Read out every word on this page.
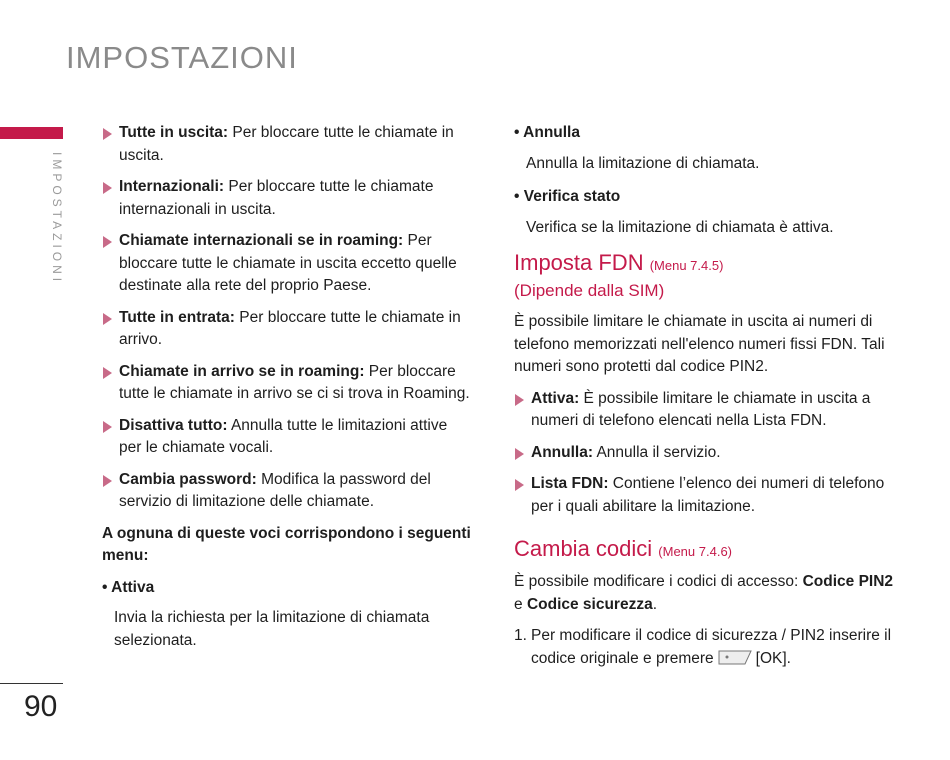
IMPOSTAZIONI
IMPOSTAZIONI
90
Tutte in uscita: Per bloccare tutte le chiamate in uscita.
Internazionali: Per bloccare tutte le chiamate internazionali in uscita.
Chiamate internazionali se in roaming: Per bloccare tutte le chiamate in uscita eccetto quelle destinate alla rete del proprio Paese.
Tutte in entrata: Per bloccare tutte le chiamate in arrivo.
Chiamate in arrivo se in roaming: Per bloccare tutte le chiamate in arrivo se ci si trova in Roaming.
Disattiva tutto: Annulla tutte le limitazioni attive per le chiamate vocali.
Cambia password: Modifica la password del servizio di limitazione delle chiamate.
A ognuna di queste voci corrispondono i seguenti menu:
• Attiva
Invia la richiesta per la limitazione di chiamata selezionata.
• Annulla
Annulla la limitazione di chiamata.
• Verifica stato
Verifica se la limitazione di chiamata è attiva.
Imposta FDN (Menu 7.4.5)
(Dipende dalla SIM)
È possibile limitare le chiamate in uscita ai numeri di telefono memorizzati nell'elenco numeri fissi FDN. Tali numeri sono protetti dal codice PIN2.
Attiva: È possibile limitare le chiamate in uscita a numeri di telefono elencati nella Lista FDN.
Annulla: Annulla il servizio.
Lista FDN: Contiene l’elenco dei numeri di telefono per i quali abilitare la limitazione.
Cambia codici (Menu 7.4.6)
È possibile modificare i codici di accesso: Codice PIN2 e Codice sicurezza.
1. Per modificare il codice di sicurezza / PIN2 inserire il codice originale e premere	[OK].
